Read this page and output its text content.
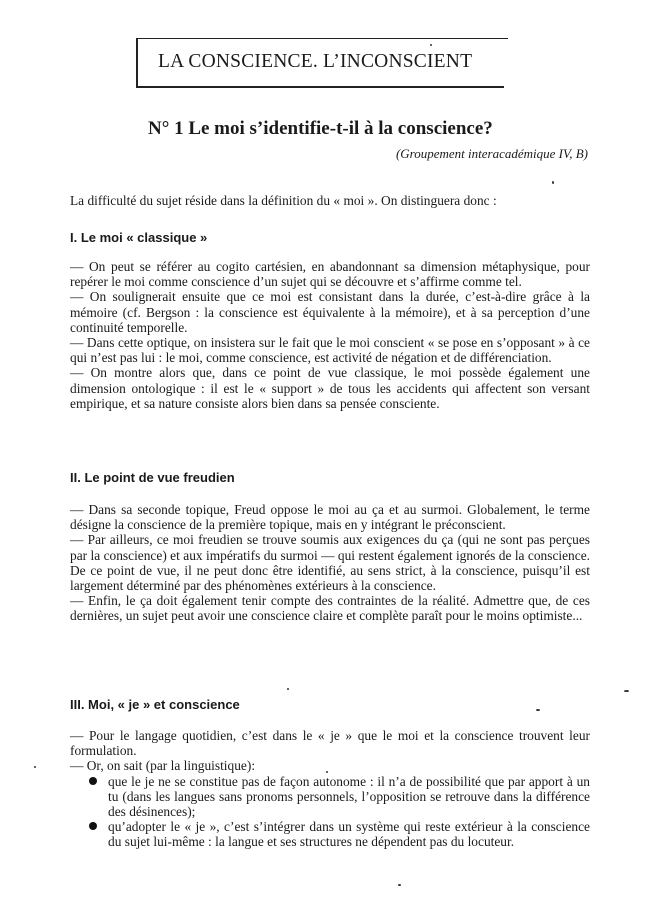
LA CONSCIENCE. L’INCONSCIENT
N° 1 Le moi s’identifie-t-il à la conscience?
(Groupement interacadémique IV, B)
La difficulté du sujet réside dans la définition du « moi ». On distinguera donc :
I. Le moi « classique »

— On peut se référer au cogito cartésien, en abandonnant sa dimension métaphysique, pour repérer le moi comme conscience d’un sujet qui se découvre et s’affirme comme tel.

— On soulignerait ensuite que ce moi est consistant dans la durée, c’est-à-dire grâce à la mémoire (cf. Bergson : la conscience est équivalente à la mémoire), et à sa perception d’une continuité temporelle.

— Dans cette optique, on insistera sur le fait que le moi conscient « se pose en s’opposant » à ce qui n’est pas lui : le moi, comme conscience, est activité de négation et de différenciation.

— On montre alors que, dans ce point de vue classique, le moi possède également une dimension ontologique : il est le « support » de tous les accidents qui affectent son versant empirique, et sa nature consiste alors bien dans sa pensée consciente.

II. Le point de vue freudien

— Dans sa seconde topique, Freud oppose le moi au ça et au surmoi. Globalement, le terme désigne la conscience de la première topique, mais en y intégrant le préconscient.

— Par ailleurs, ce moi freudien se trouve soumis aux exigences du ça (qui ne sont pas perçues par la conscience) et aux impératifs du surmoi — qui restent également ignorés de la conscience. De ce point de vue, il ne peut donc être identifié, au sens strict, à la conscience, puisqu’il est largement déterminé par des phénomènes extérieurs à la conscience.

— Enfin, le ça doit également tenir compte des contraintes de la réalité. Admettre que, de ces dernières, un sujet peut avoir une conscience claire et complète paraît pour le moins optimiste...

III. Moi, « je » et conscience

— Pour le langage quotidien, c’est dans le « je » que le moi et la conscience trouvent leur formulation.

— Or, on sait (par la linguistique):

que le je ne se constitue pas de façon autonome : il n’a de possibilité que par apport à un tu (dans les langues sans pronoms personnels, l’opposition se retrouve dans la différence des désinences);
qu’adopter le « je », c’est s’intégrer dans un système qui reste extérieur à la conscience du sujet lui-même : la langue et ses structures ne dépendent pas du locuteur.
